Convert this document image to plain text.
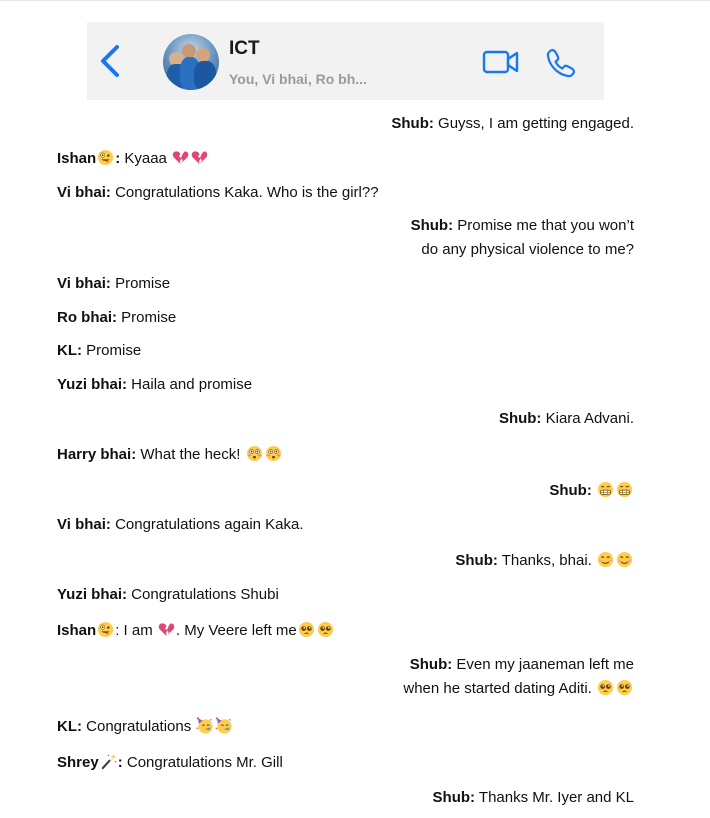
ICT
You, Vi bhai, Ro bh...
Shub: Guyss, I am getting engaged.
Ishan : Kyaaa
Vi bhai: Congratulations Kaka. Who is the girl??
Shub: Promise me that you won’t
do any physical violence to me?
Vi bhai: Promise
Ro bhai: Promise
KL: Promise
Yuzi bhai: Haila and promise
Shub: Kiara Advani.
Harry bhai: What the heck!
Shub:
Vi bhai: Congratulations again Kaka.
Shub: Thanks, bhai.
Yuzi bhai: Congratulations Shubi
Ishan : I am
. My Veere left me
Shub: Even my jaaneman left me
when he started dating Aditi.
KL: Congratulations
Shrey : Congratulations Mr. Gill
Shub: Thanks Mr. Iyer and KL
